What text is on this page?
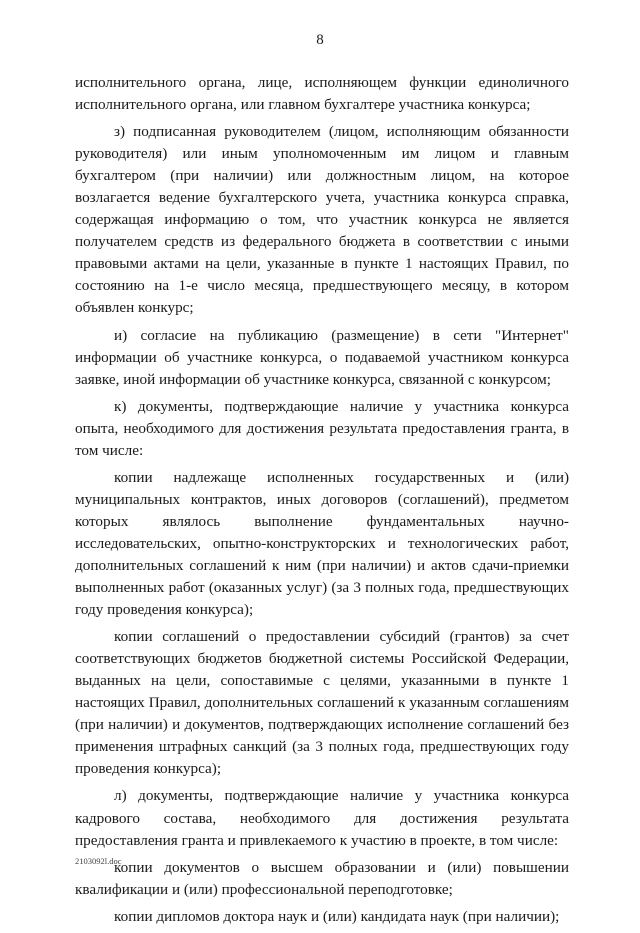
8

исполнительного органа, лице, исполняющем функции единоличного исполнительного органа, или главном бухгалтере участника конкурса;

з) подписанная руководителем (лицом, исполняющим обязанности руководителя) или иным уполномоченным им лицом и главным бухгалтером (при наличии) или должностным лицом, на которое возлагается ведение бухгалтерского учета, участника конкурса справка, содержащая информацию о том, что участник конкурса не является получателем средств из федерального бюджета в соответствии с иными правовыми актами на цели, указанные в пункте 1 настоящих Правил, по состоянию на 1-е число месяца, предшествующего месяцу, в котором объявлен конкурс;

и) согласие на публикацию (размещение) в сети "Интернет" информации об участнике конкурса, о подаваемой участником конкурса заявке, иной информации об участнике конкурса, связанной с конкурсом;

к) документы, подтверждающие наличие у участника конкурса опыта, необходимого для достижения результата предоставления гранта, в том числе:

копии надлежаще исполненных государственных и (или) муниципальных контрактов, иных договоров (соглашений), предметом которых являлось выполнение фундаментальных научно-исследовательских, опытно-конструкторских и технологических работ, дополнительных соглашений к ним (при наличии) и актов сдачи-приемки выполненных работ (оказанных услуг) (за 3 полных года, предшествующих году проведения конкурса);

копии соглашений о предоставлении субсидий (грантов) за счет соответствующих бюджетов бюджетной системы Российской Федерации, выданных на цели, сопоставимые с целями, указанными в пункте 1 настоящих Правил, дополнительных соглашений к указанным соглашениям (при наличии) и документов, подтверждающих исполнение соглашений без применения штрафных санкций (за 3 полных года, предшествующих году проведения конкурса);

л) документы, подтверждающие наличие у участника конкурса кадрового состава, необходимого для достижения результата предоставления гранта и привлекаемого к участию в проекте, в том числе:

копии документов о высшем образовании и (или) повышении квалификации и (или) профессиональной переподготовке;

копии дипломов доктора наук и (или) кандидата наук (при наличии);

2103092l.doc
